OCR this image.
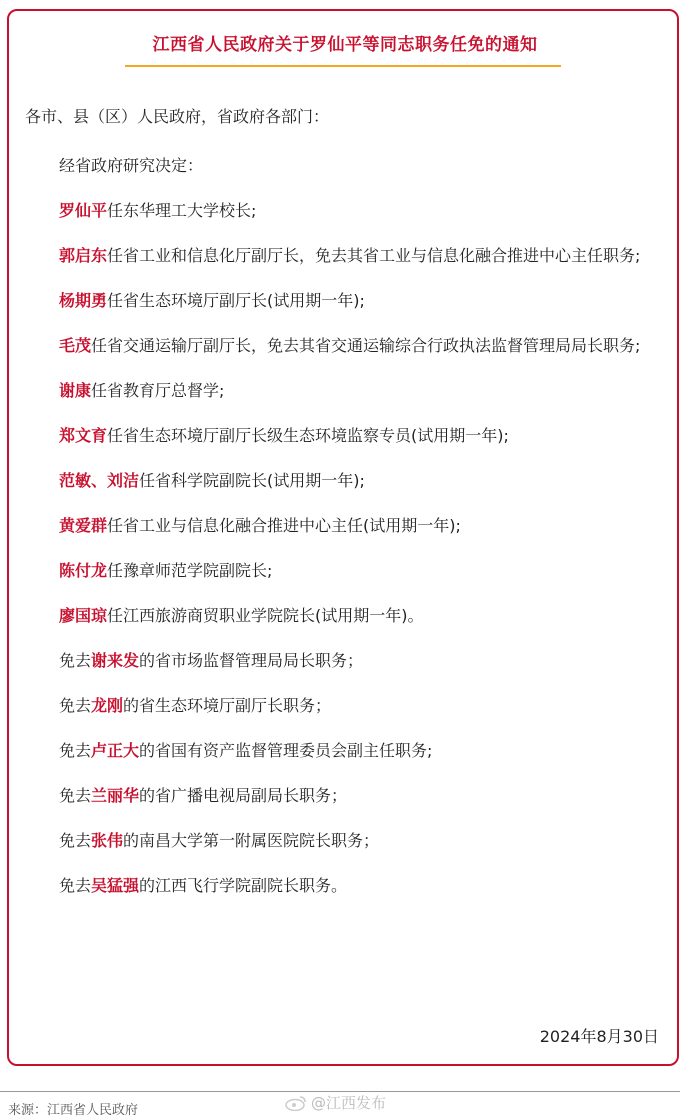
江西省人民政府关于罗仙平等同志职务任免的通知
各市、县（区）人民政府，省政府各部门：

经省政府研究决定：

罗仙平任东华理工大学校长;

郭启东任省工业和信息化厅副厅长，免去其省工业与信息化融合推进中心主任职务;

杨期勇任省生态环境厅副厅长(试用期一年);

毛茂任省交通运输厅副厅长，免去其省交通运输综合行政执法监督管理局局长职务;

谢康任省教育厅总督学;

郑文育任省生态环境厅副厅长级生态环境监察专员(试用期一年);

范敏、刘洁任省科学院副院长(试用期一年);

黄爱群任省工业与信息化融合推进中心主任(试用期一年);

陈付龙任豫章师范学院副院长;

廖国琼任江西旅游商贸职业学院院长(试用期一年)。

免去谢来发的省市场监督管理局局长职务；

免去龙刚的省生态环境厅副厅长职务；

免去卢正大的省国有资产监督管理委员会副主任职务;

免去兰丽华的省广播电视局副局长职务；

免去张伟的南昌大学第一附属医院院长职务；

免去吴猛强的江西飞行学院副院长职务。

2024年8月30日
来源：江西省人民政府	@江西发布
